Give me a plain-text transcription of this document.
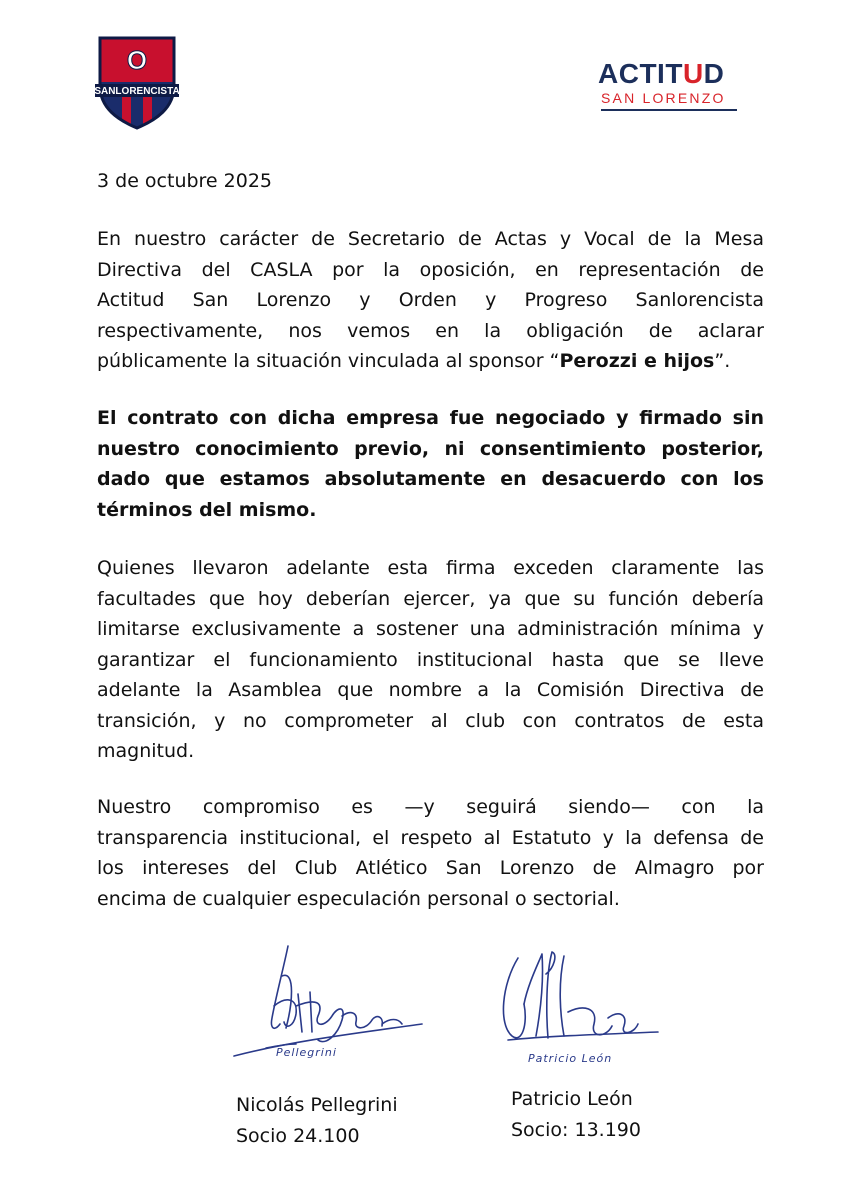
O
SANLORENCISTA
ACTITUD
SAN LORENZO
3 de octubre 2025
En nuestro carácter de Secretario de Actas y Vocal de la Mesa
Directiva del CASLA por la oposición, en representación de
Actitud San Lorenzo y Orden y Progreso Sanlorencista
respectivamente, nos vemos en la obligación de aclarar
públicamente la situación vinculada al sponsor “Perozzi e hijos”.
El contrato con dicha empresa fue negociado y firmado sin
nuestro conocimiento previo, ni consentimiento posterior,
dado que estamos absolutamente en desacuerdo con los
términos del mismo.
Quienes llevaron adelante esta firma exceden claramente las
facultades que hoy deberían ejercer, ya que su función debería
limitarse exclusivamente a sostener una administración mínima y
garantizar el funcionamiento institucional hasta que se lleve
adelante la Asamblea que nombre a la Comisión Directiva de
transición, y no comprometer al club con contratos de esta
magnitud.
Nuestro compromiso es —y seguirá siendo— con la
transparencia institucional, el respeto al Estatuto y la defensa de
los intereses del Club Atlético San Lorenzo de Almagro por
encima de cualquier especulación personal o sectorial.
Pellegrini	Patricio León
Nicolás Pellegrini
Socio 24.100
Patricio León
Socio: 13.190
